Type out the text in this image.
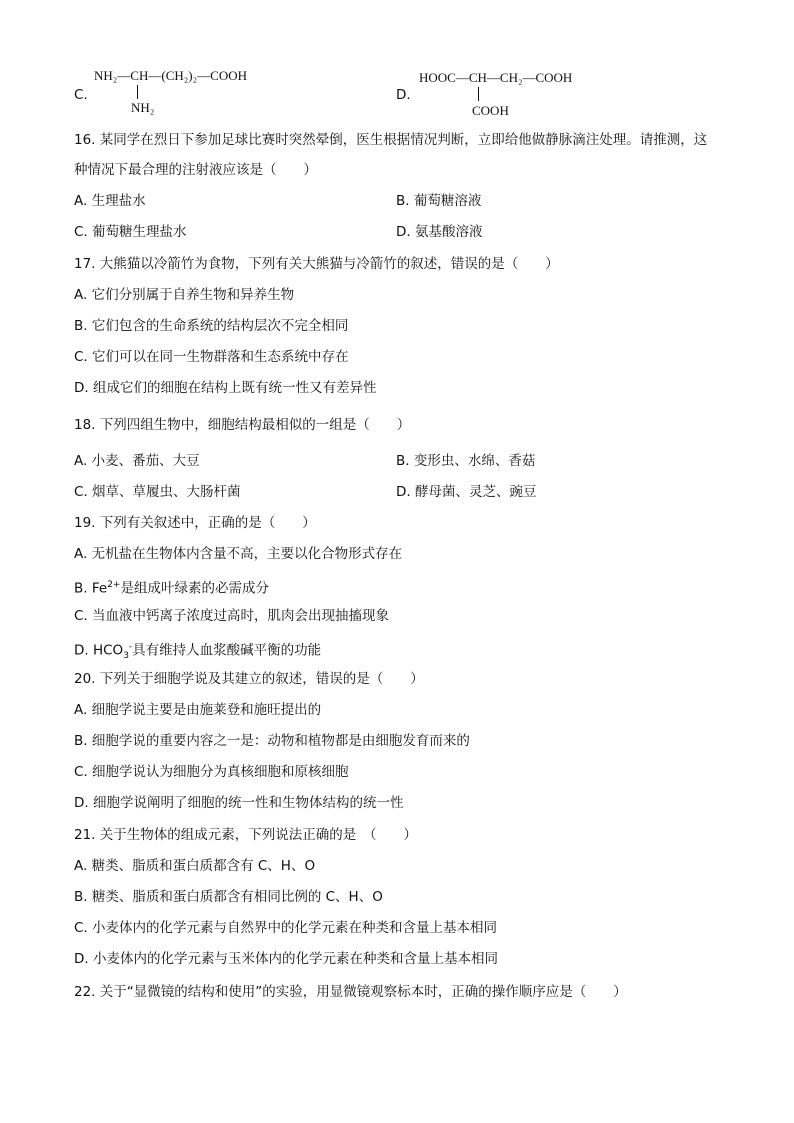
C.
NH₂—CH—(CH₂)₂—COOH
NH₂
D.
HOOC—CH—CH₂—COOH
COOH
16. 某同学在烈日下参加足球比赛时突然晕倒，医生根据情况判断，立即给他做静脉滴注处理。请推测，这
种情况下最合理的注射液应该是（　　）
A. 生理盐水	B. 葡萄糖溶液
C. 葡萄糖生理盐水	D. 氨基酸溶液
17. 大熊猫以冷箭竹为食物，下列有关大熊猫与冷箭竹的叙述，错误的是（　　）
A. 它们分别属于自养生物和异养生物
B. 它们包含的生命系统的结构层次不完全相同
C. 它们可以在同一生物群落和生态系统中存在
D. 组成它们的细胞在结构上既有统一性又有差异性
18. 下列四组生物中，细胞结构最相似的一组是（　　）
A. 小麦、番茄、大豆	B. 变形虫、水绵、香菇
C. 烟草、草履虫、大肠杆菌	D. 酵母菌、灵芝、豌豆
19. 下列有关叙述中，正确的是（　　）
A. 无机盐在生物体内含量不高，主要以化合物形式存在
B. $Fe^{2+}$是组成叶绿素的必需成分
C. 当血液中钙离子浓度过高时，肌肉会出现抽搐现象
D. $HCO_3^-$具有维持人血浆酸碱平衡的功能
20. 下列关于细胞学说及其建立的叙述，错误的是（　　）
A. 细胞学说主要是由施莱登和施旺提出的
B. 细胞学说的重要内容之一是：动物和植物都是由细胞发育而来的
C. 细胞学说认为细胞分为真核细胞和原核细胞
D. 细胞学说阐明了细胞的统一性和生物体结构的统一性
21. 关于生物体的组成元素，下列说法正确的是　（　　）
A. 糖类、脂质和蛋白质都含有 C、H、O
B. 糖类、脂质和蛋白质都含有相同比例的 C、H、O
C. 小麦体内的化学元素与自然界中的化学元素在种类和含量上基本相同
D. 小麦体内的化学元素与玉米体内的化学元素在种类和含量上基本相同
22. 关于“显微镜的结构和使用”的实验，用显微镜观察标本时，正确的操作顺序应是（　　）
